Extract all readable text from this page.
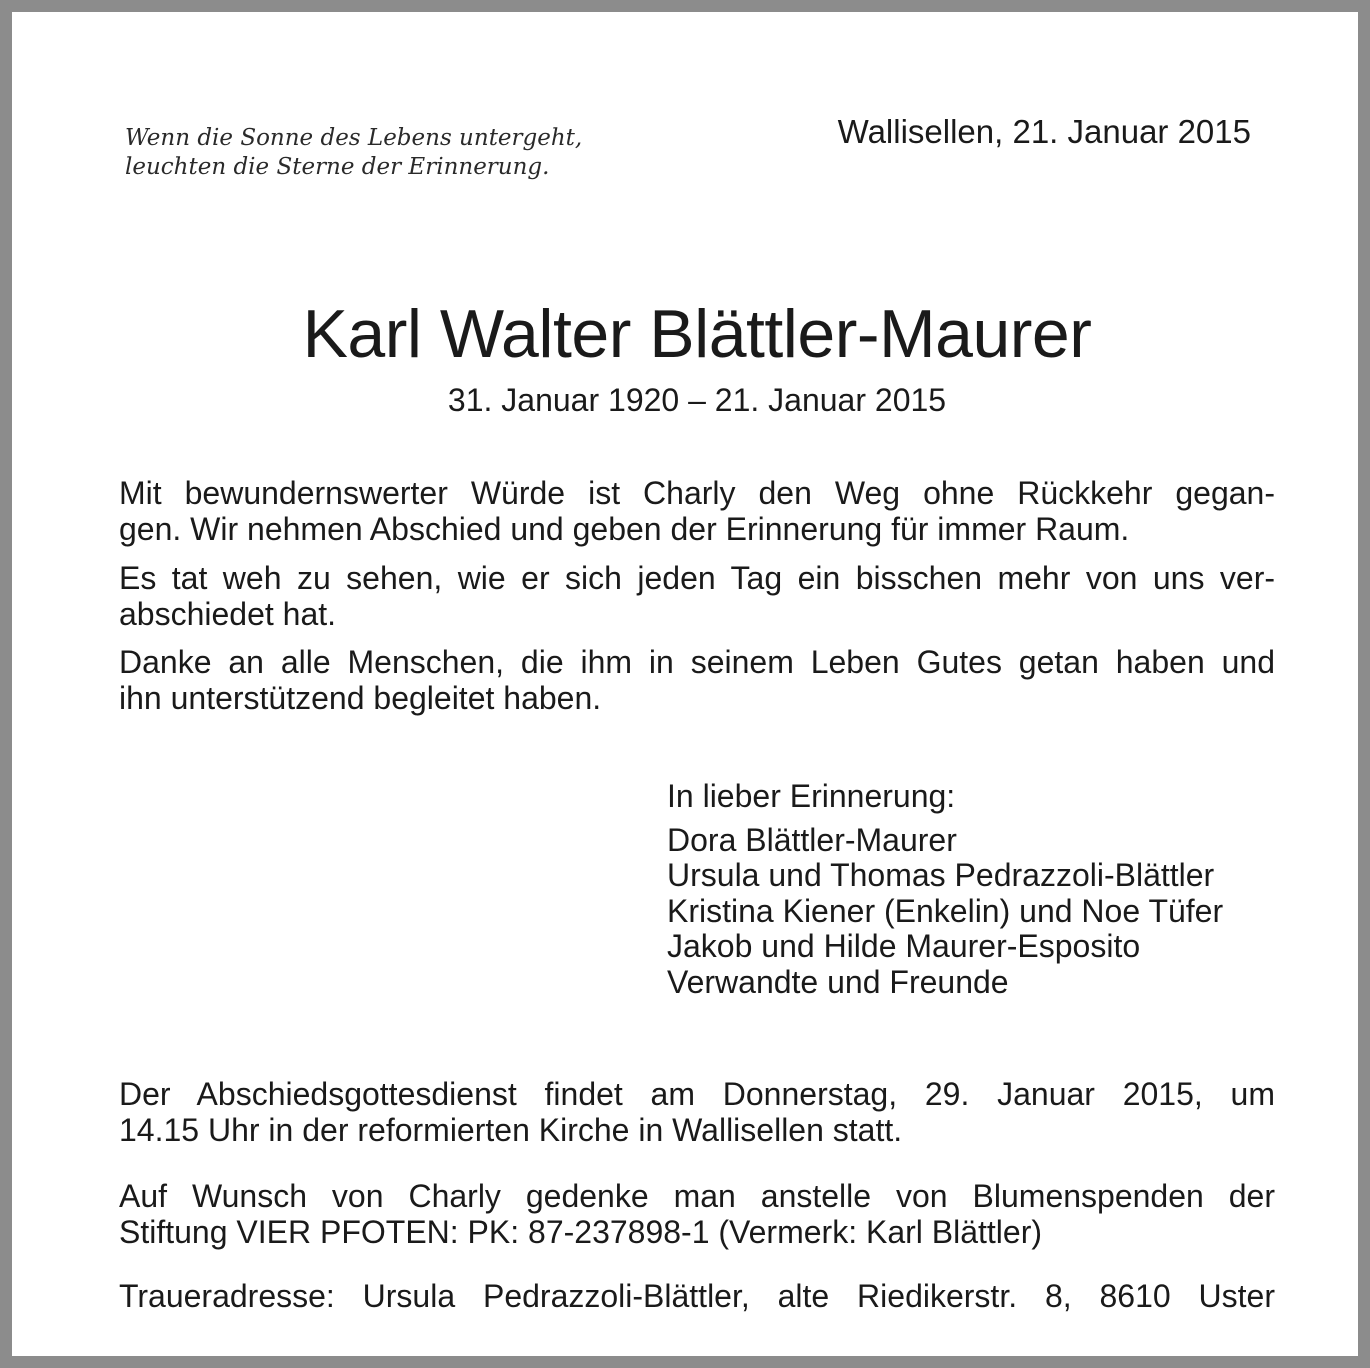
Wenn die Sonne des Lebens untergeht,
leuchten die Sterne der Erinnerung.
Wallisellen, 21. Januar 2015
Karl Walter Blättler-Maurer
31. Januar 1920 – 21. Januar 2015
Mit bewundernswerter Würde ist Charly den Weg ohne Rückkehr gegan-
gen. Wir nehmen Abschied und geben der Erinnerung für immer Raum.
Es tat weh zu sehen, wie er sich jeden Tag ein bisschen mehr von uns ver-
abschiedet hat.
Danke an alle Menschen, die ihm in seinem Leben Gutes getan haben und
ihn unterstützend begleitet haben.
In lieber Erinnerung:
Dora Blättler-Maurer
Ursula und Thomas Pedrazzoli-Blättler
Kristina Kiener (Enkelin) und Noe Tüfer
Jakob und Hilde Maurer-Esposito
Verwandte und Freunde
Der Abschiedsgottesdienst findet am Donnerstag, 29. Januar 2015, um
14.15 Uhr in der reformierten Kirche in Wallisellen statt.
Auf Wunsch von Charly gedenke man anstelle von Blumenspenden der
Stiftung VIER PFOTEN: PK: 87-237898-1 (Vermerk: Karl Blättler)
Traueradresse: Ursula Pedrazzoli-Blättler, alte Riedikerstr. 8, 8610 Uster
